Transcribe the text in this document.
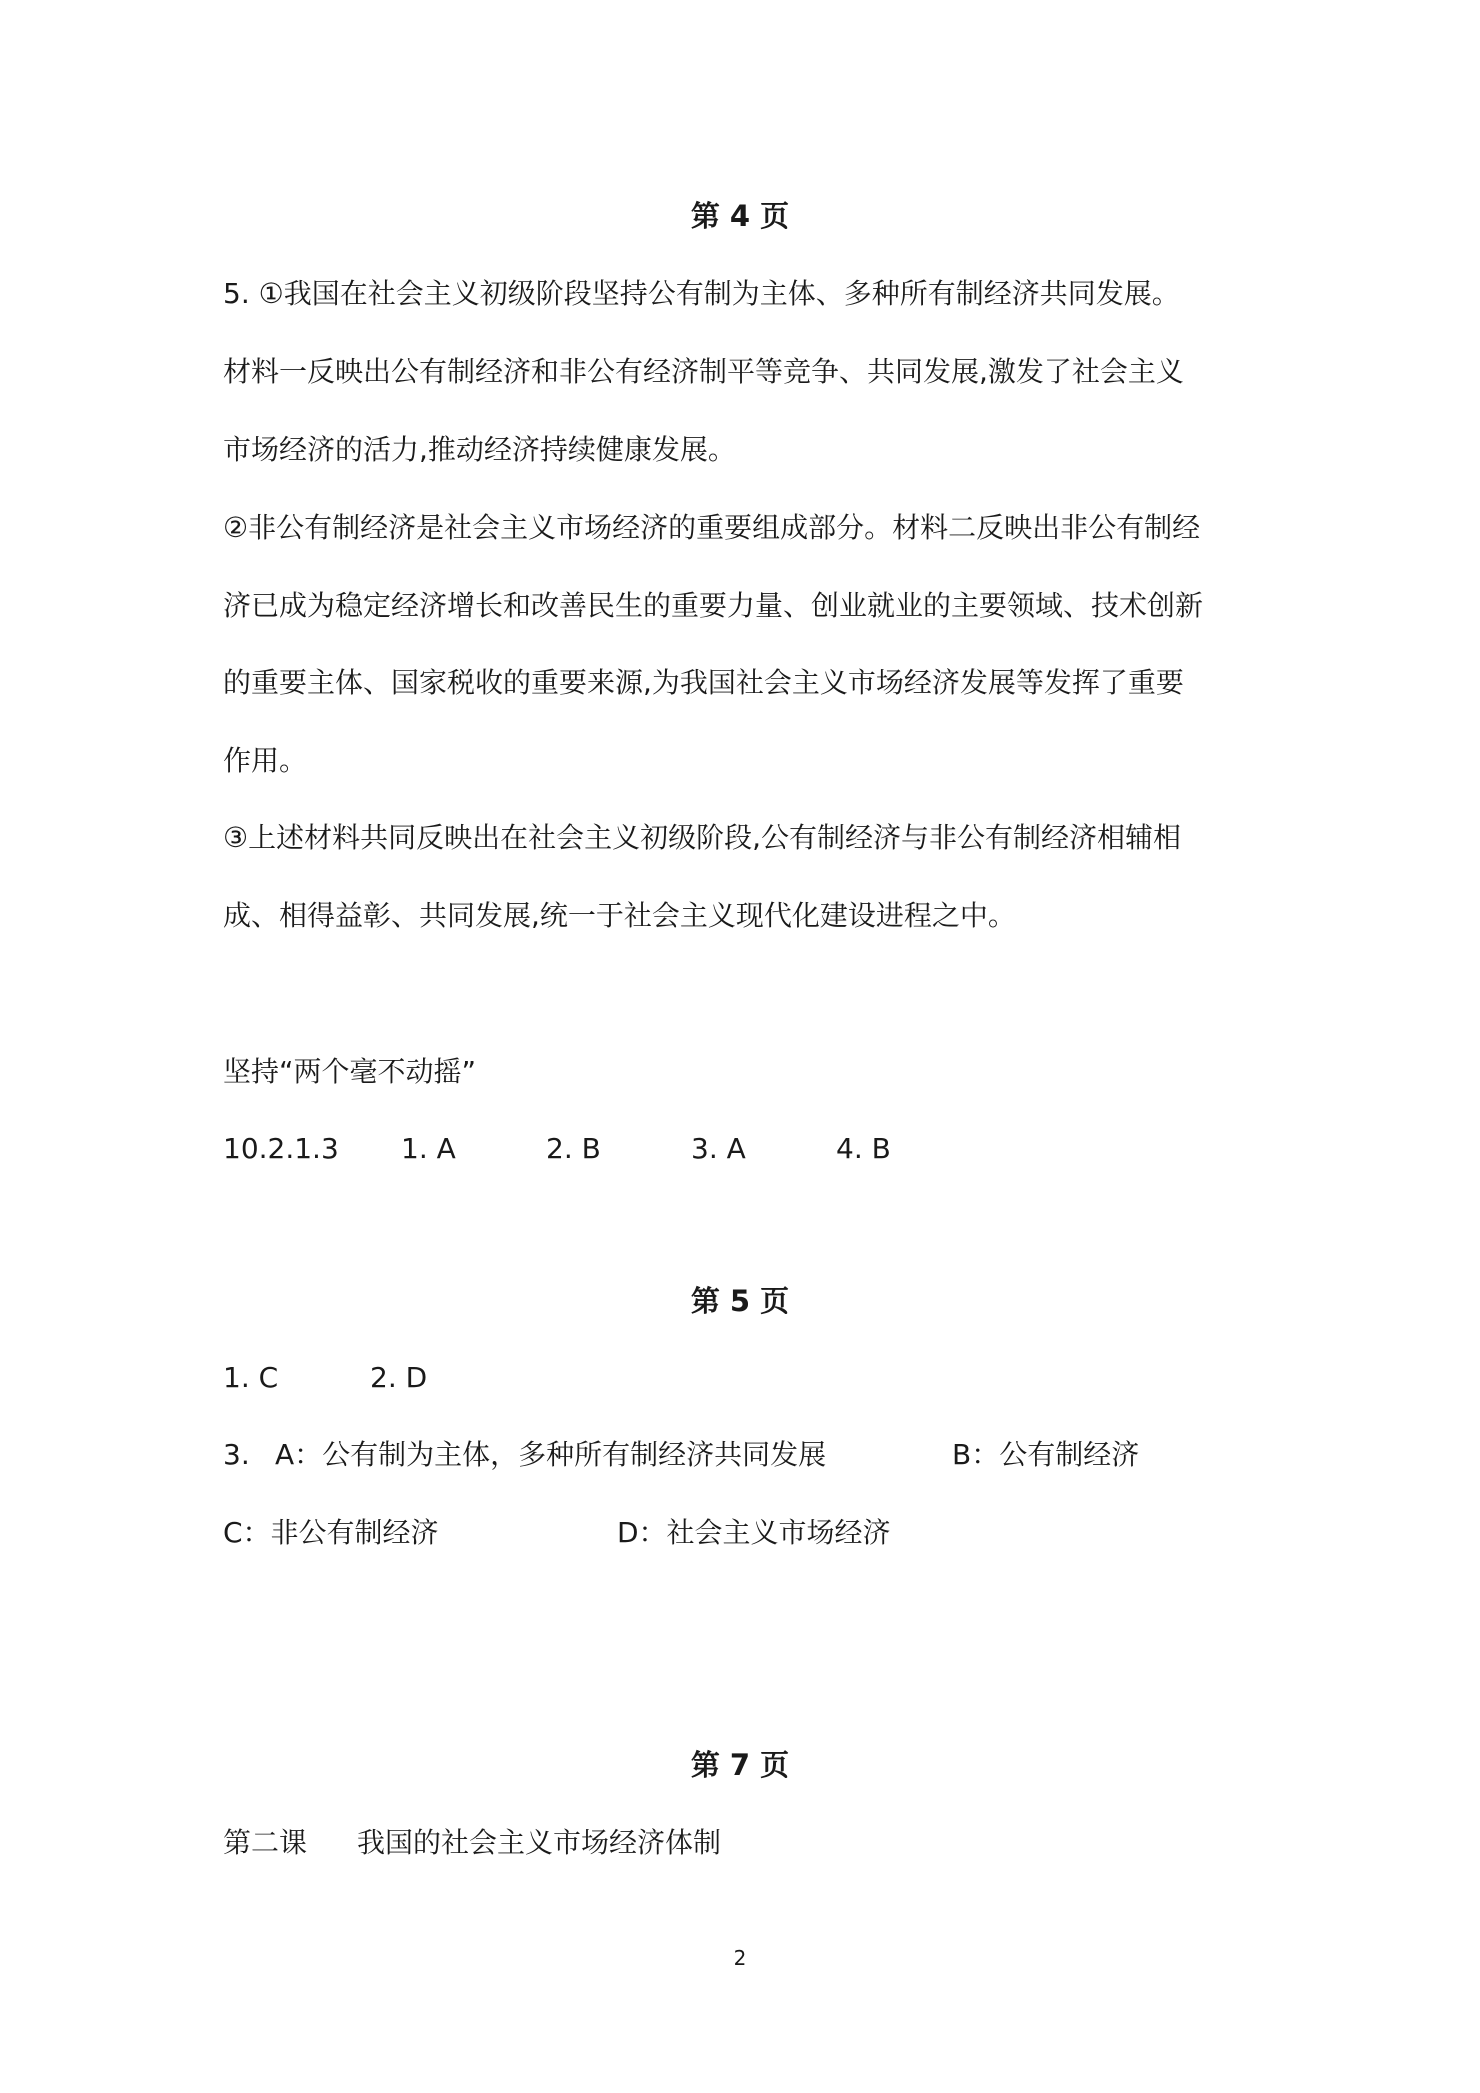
第 4 页
5. ①我国在社会主义初级阶段坚持公有制为主体、多种所有制经济共同发展。
材料一反映出公有制经济和非公有经济制平等竞争、共同发展,激发了社会主义
市场经济的活力,推动经济持续健康发展。
②非公有制经济是社会主义市场经济的重要组成部分。材料二反映出非公有制经
济已成为稳定经济增长和改善民生的重要力量、创业就业的主要领域、技术创新
的重要主体、国家税收的重要来源,为我国社会主义市场经济发展等发挥了重要
作用。
③上述材料共同反映出在社会主义初级阶段,公有制经济与非公有制经济相辅相
成、相得益彰、共同发展,统一于社会主义现代化建设进程之中。
坚持“两个毫不动摇”
10.2.1.3 1. A	2. B	3. A	4. B
第 5 页
1. C	2. D
3. A：公有制为主体，多种所有制经济共同发展	B：公有制经济
C：非公有制经济	D：社会主义市场经济
第 7 页
第二课 我国的社会主义市场经济体制
2
